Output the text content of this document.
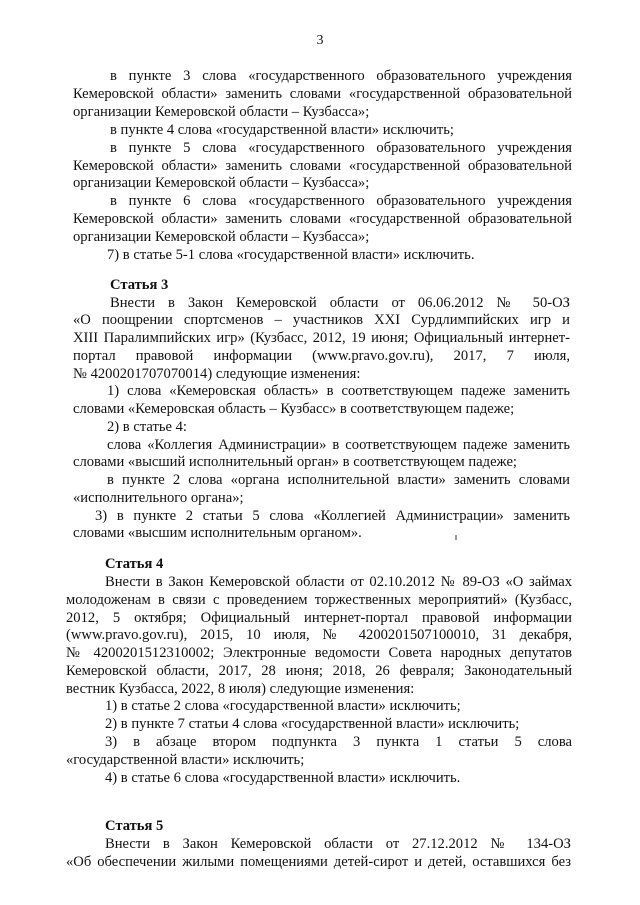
3
в пункте 3 слова «государственного образовательного учреждения
Кемеровской области» заменить словами «государственной образовательной
организации Кемеровской области – Кузбасса»;
в пункте 4 слова «государственной власти» исключить;
в пункте 5 слова «государственного образовательного учреждения
Кемеровской области» заменить словами «государственной образовательной
организации Кемеровской области – Кузбасса»;
в пункте 6 слова «государственного образовательного учреждения
Кемеровской области» заменить словами «государственной образовательной
организации Кемеровской области – Кузбасса»;
7) в статье 5-1 слова «государственной власти» исключить.
Статья 3
Внести в Закон Кемеровской области от 06.06.2012 № 50-ОЗ
«О поощрении спортсменов – участников XXI Сурдлимпийских игр и
XIII Паралимпийских игр» (Кузбасс, 2012, 19 июня; Официальный интернет-
портал правовой информации (www.pravo.gov.ru), 2017, 7 июля,
№ 4200201707070014) следующие изменения:
1) слова «Кемеровская область» в соответствующем падеже заменить
словами «Кемеровская область – Кузбасс» в соответствующем падеже;
2) в статье 4:
слова «Коллегия Администрации» в соответствующем падеже заменить
словами «высший исполнительный орган» в соответствующем падеже;
в пункте 2 слова «органа исполнительной власти» заменить словами
«исполнительного органа»;
3) в пункте 2 статьи 5 слова «Коллегией Администрации» заменить
словами «высшим исполнительным органом».
Статья 4
Внести в Закон Кемеровской области от 02.10.2012 № 89-ОЗ «О займах
молодоженам в связи с проведением торжественных мероприятий» (Кузбасс,
2012, 5 октября; Официальный интернет-портал правовой информации
(www.pravo.gov.ru), 2015, 10 июля, № 4200201507100010, 31 декабря,
№ 4200201512310002; Электронные ведомости Совета народных депутатов
Кемеровской области, 2017, 28 июня; 2018, 26 февраля; Законодательный
вестник Кузбасса, 2022, 8 июля) следующие изменения:
1) в статье 2 слова «государственной власти» исключить;
2) в пункте 7 статьи 4 слова «государственной власти» исключить;
3) в абзаце втором подпункта 3 пункта 1 статьи 5 слова
«государственной власти» исключить;
4) в статье 6 слова «государственной власти» исключить.
Статья 5
Внести в Закон Кемеровской области от 27.12.2012 № 134-ОЗ
«Об обеспечении жилыми помещениями детей-сирот и детей, оставшихся без
